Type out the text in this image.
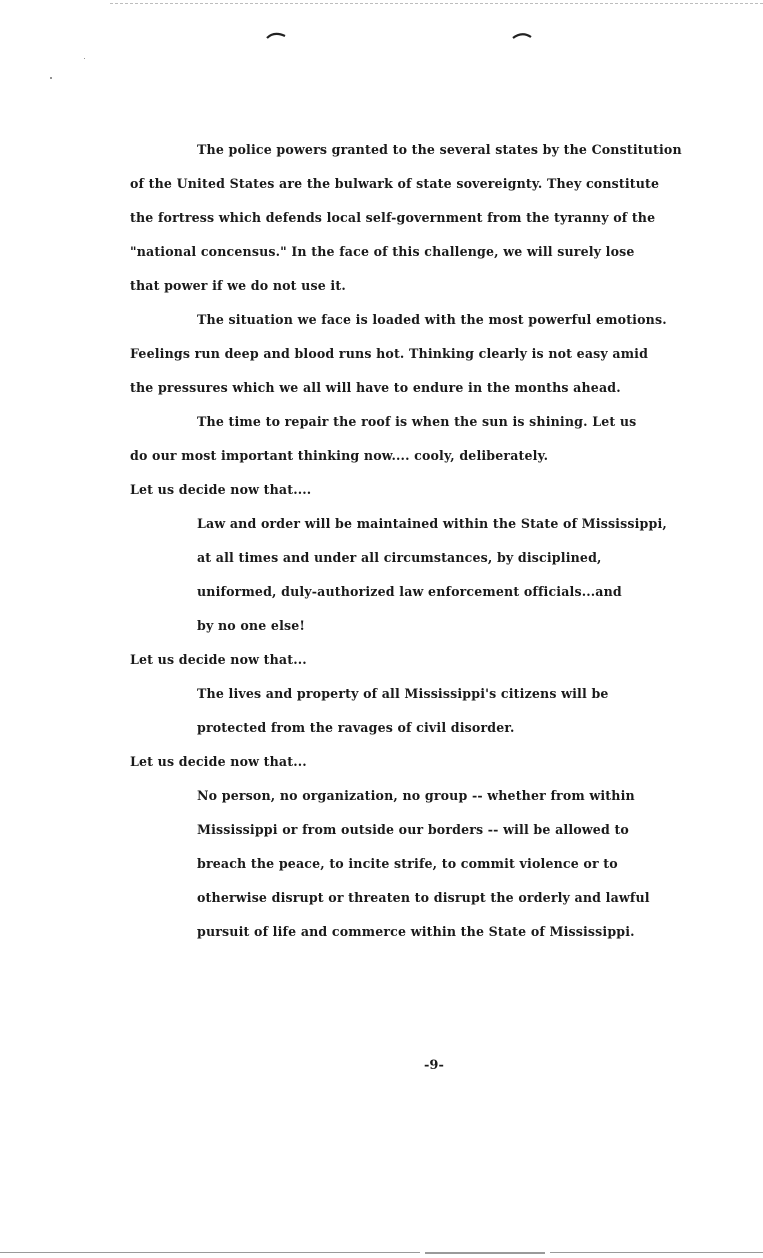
The police powers granted to the several states by the Constitution
of the United States are the bulwark of state sovereignty. They constitute
the fortress which defends local self-government from the tyranny of the
"national concensus." In the face of this challenge, we will surely lose
that power if we do not use it.
The situation we face is loaded with the most powerful emotions.
Feelings run deep and blood runs hot. Thinking clearly is not easy amid
the pressures which we all will have to endure in the months ahead.
The time to repair the roof is when the sun is shining. Let us
do our most important thinking now.... cooly, deliberately.
Let us decide now that....
Law and order will be maintained within the State of Mississippi,
at all times and under all circumstances, by disciplined,
uniformed, duly-authorized law enforcement officials...and
by no one else!
Let us decide now that...
The lives and property of all Mississippi's citizens will be
protected from the ravages of civil disorder.
Let us decide now that...
No person, no organization, no group -- whether from within
Mississippi or from outside our borders -- will be allowed to
breach the peace, to incite strife, to commit violence or to
otherwise disrupt or threaten to disrupt the orderly and lawful
pursuit of life and commerce within the State of Mississippi.
-9-
